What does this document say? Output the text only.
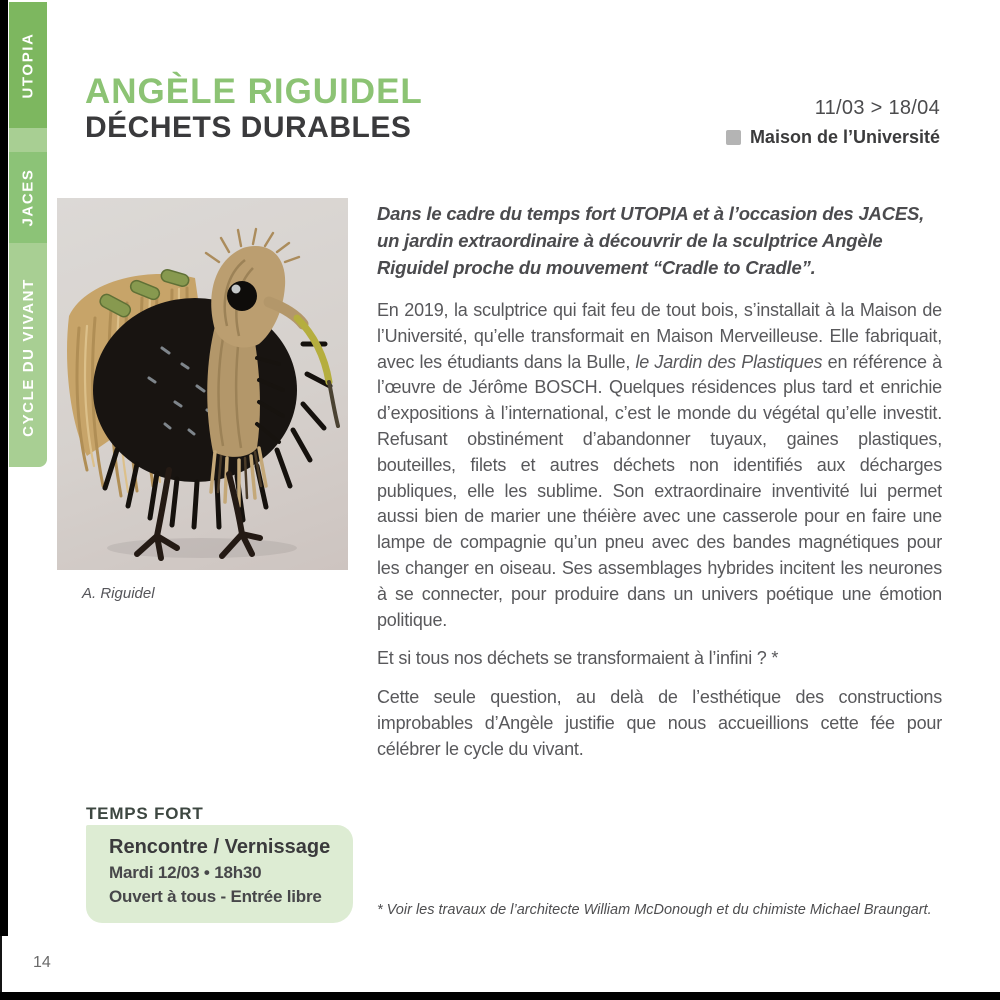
UTOPIA
JACES
CYCLE DU VIVANT
ANGÈLE RIGUIDEL
DÉCHETS DURABLES
11/03 > 18/04
Maison de l’Université
A. Riguidel
Dans le cadre du temps fort UTOPIA et à l’occasion des JACES, un jardin extraordinaire à découvrir de la sculptrice Angèle Riguidel proche du mouvement “Cradle to Cradle”.

En 2019, la sculptrice qui fait feu de tout bois, s’installait à la Maison de l’Université, qu’elle transformait en Maison Merveilleuse. Elle fabriquait, avec les étudiants dans la Bulle, le Jardin des Plastiques en référence à l’œuvre de Jérôme BOSCH. Quelques résidences plus tard et enrichie d’expositions à l’international, c’est le monde du végétal qu’elle investit. Refusant obstinément d’abandonner tuyaux, gaines plastiques, bouteilles, filets et autres déchets non identifiés aux décharges publiques, elle les sublime. Son extraordinaire inventivité lui permet aussi bien de marier une théière avec une casserole pour en faire une lampe de compagnie qu’un pneu avec des bandes magnétiques pour les changer en oiseau. Ses assemblages hybrides incitent les neurones à se connecter, pour produire dans un univers poétique une émotion politique.

Et si tous nos déchets se transformaient à l’infini ? *

Cette seule question, au delà de l’esthétique des constructions improbables d’Angèle justifie que nous accueillions cette fée pour célébrer le cycle du vivant.

TEMPS FORT
Rencontre / Vernissage
Mardi 12/03 • 18h30
Ouvert à tous - Entrée libre
* Voir les travaux de l’architecte William McDonough et du chimiste Michael Braungart.
14
